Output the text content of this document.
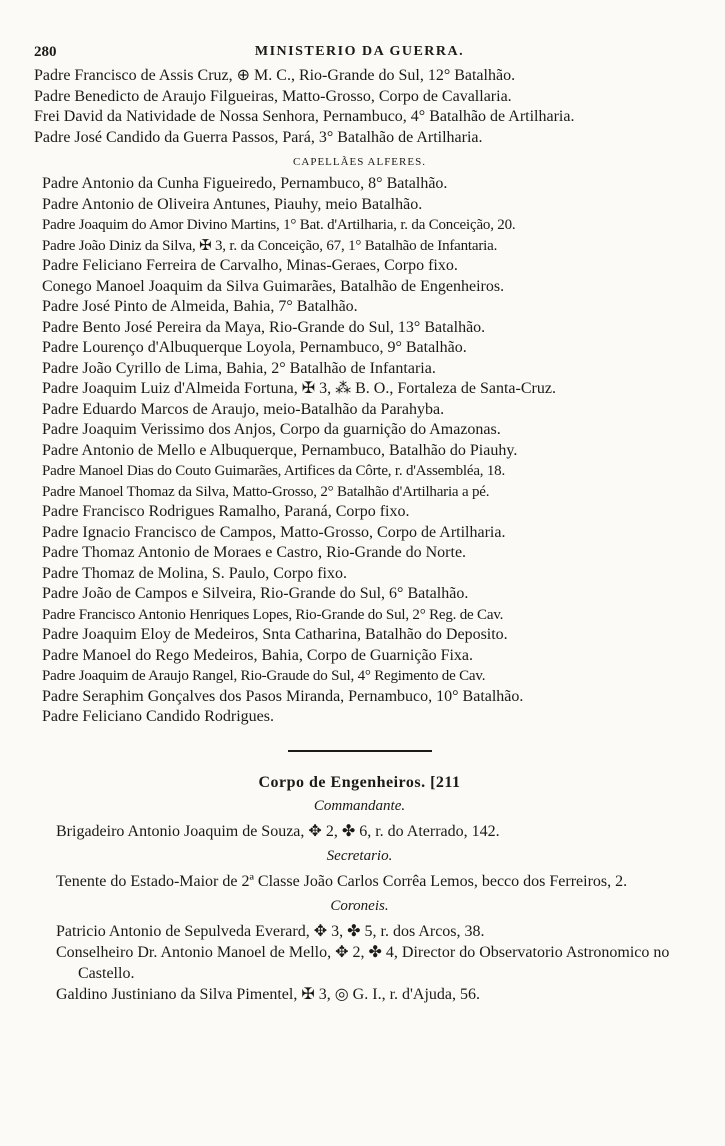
280	MINISTERIO DA GUERRA.

Padre Francisco de Assis Cruz, ⊕ M. C., Rio-Grande do Sul, 12° Batalhão.

Padre Benedicto de Araujo Filgueiras, Matto-Grosso, Corpo de Cavallaria.

Frei David da Natividade de Nossa Senhora, Pernambuco, 4° Batalhão de Artilharia.

Padre José Candido da Guerra Passos, Pará, 3° Batalhão de Artilharia.

CAPELLÃES ALFERES.

Padre Antonio da Cunha Figueiredo, Pernambuco, 8° Batalhão.

Padre Antonio de Oliveira Antunes, Piauhy, meio Batalhão.

Padre Joaquim do Amor Divino Martins, 1° Bat. d'Artilharia, r. da Conceição, 20.

Padre João Diniz da Silva, ✠ 3, r. da Conceição, 67, 1° Batalhão de Infantaria.

Padre Feliciano Ferreira de Carvalho, Minas-Geraes, Corpo fixo.

Conego Manoel Joaquim da Silva Guimarães, Batalhão de Engenheiros.

Padre José Pinto de Almeida, Bahia, 7° Batalhão.

Padre Bento José Pereira da Maya, Rio-Grande do Sul, 13° Batalhão.

Padre Lourenço d'Albuquerque Loyola, Pernambuco, 9° Batalhão.

Padre João Cyrillo de Lima, Bahia, 2° Batalhão de Infantaria.

Padre Joaquim Luiz d'Almeida Fortuna, ✠ 3, ⁂ B. O., Fortaleza de Santa-Cruz.

Padre Eduardo Marcos de Araujo, meio-Batalhão da Parahyba.

Padre Joaquim Verissimo dos Anjos, Corpo da guarnição do Amazonas.

Padre Antonio de Mello e Albuquerque, Pernambuco, Batalhão do Piauhy.

Padre Manoel Dias do Couto Guimarães, Artifices da Côrte, r. d'Assembléa, 18.

Padre Manoel Thomaz da Silva, Matto-Grosso, 2° Batalhão d'Artilharia a pé.

Padre Francisco Rodrigues Ramalho, Paraná, Corpo fixo.

Padre Ignacio Francisco de Campos, Matto-Grosso, Corpo de Artilharia.

Padre Thomaz Antonio de Moraes e Castro, Rio-Grande do Norte.

Padre Thomaz de Molina, S. Paulo, Corpo fixo.

Padre João de Campos e Silveira, Rio-Grande do Sul, 6° Batalhão.

Padre Francisco Antonio Henriques Lopes, Rio-Grande do Sul, 2° Reg. de Cav.

Padre Joaquim Eloy de Medeiros, Snta Catharina, Batalhão do Deposito.

Padre Manoel do Rego Medeiros, Bahia, Corpo de Guarnição Fixa.

Padre Joaquim de Araujo Rangel, Rio-Graude do Sul, 4° Regimento de Cav.

Padre Seraphim Gonçalves dos Pasos Miranda, Pernambuco, 10° Batalhão.

Padre Feliciano Candido Rodrigues.

Corpo de Engenheiros. [211
Commandante.

Brigadeiro Antonio Joaquim de Souza, ✥ 2, ✤ 6, r. do Aterrado, 142.

Secretario.

Tenente do Estado-Maior de 2ª Classe João Carlos Corrêa Lemos, becco dos Ferreiros, 2.

Coroneis.

Patricio Antonio de Sepulveda Everard, ✥ 3, ✤ 5, r. dos Arcos, 38.

Conselheiro Dr. Antonio Manoel de Mello, ✥ 2, ✤ 4, Director do Observatorio Astronomico no Castello.

Galdino Justiniano da Silva Pimentel, ✠ 3, ◎ G. I., r. d'Ajuda, 56.
